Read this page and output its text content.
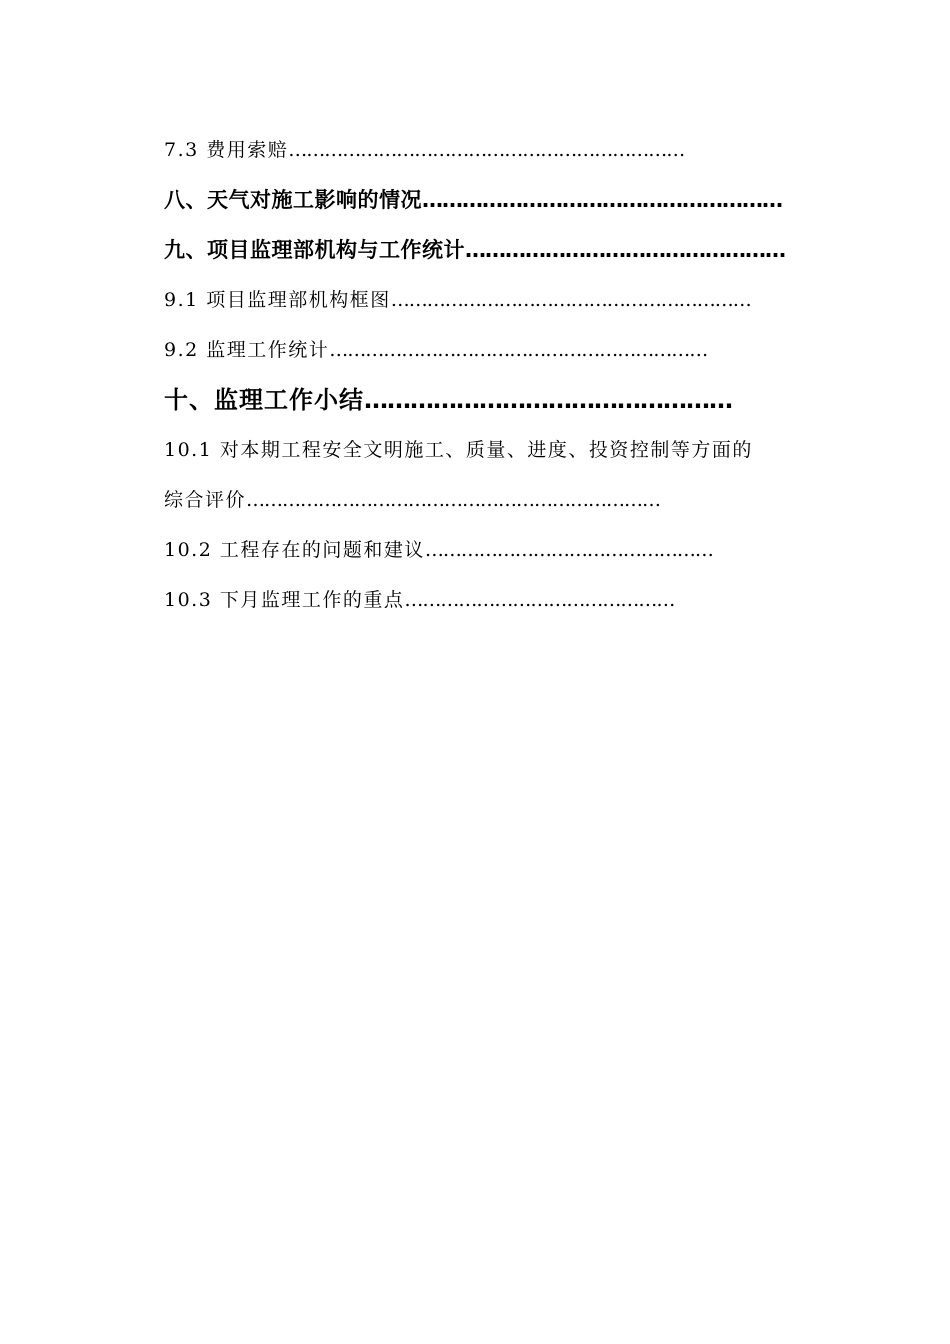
7.3 费用索赔…………………………………………………………
八、天气对施工影响的情况………………………………………………
九、项目监理部机构与工作统计…………………………………………
9.1 项目监理部机构框图……………………………………………………
9.2 监理工作统计………………………………………………………
十、监理工作小结…………………………………………
10.1 对本期工程安全文明施工、质量、进度、投资控制等方面的
综合评价……………………………………………………………
10.2 工程存在的问题和建议…………………………………………
10.3 下月监理工作的重点………………………………………
